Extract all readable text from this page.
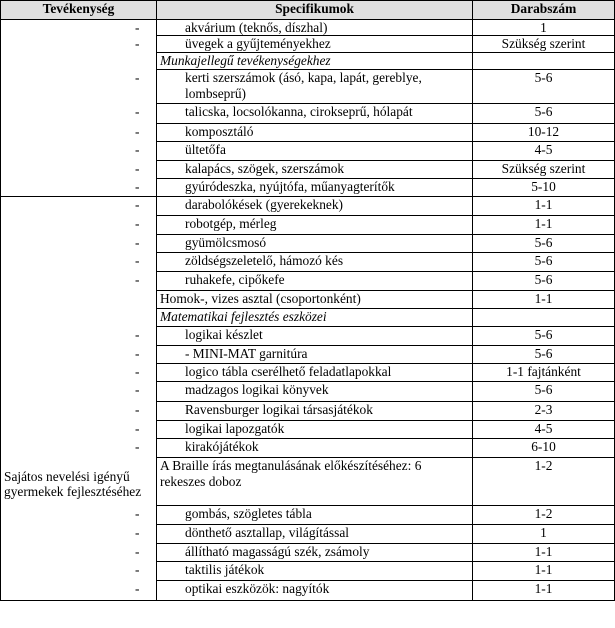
Tevékenység	Specifikumok	Darabszám

	- akvárium (teknős, díszhal)	1

	- üvegek a gyűjteményekhez	Szükség szerint
	Munkajellegű tevékenységekhez	

	- kerti szerszámok (ásó, kapa, lapát, gereblye, lombseprű)	5-6

	- talicska, locsolókanna, cirokseprű, hólapát	5-6

	- komposztáló	10-12

	- ültetőfa	4-5

	- kalapács, szögek, szerszámok	Szükség szerint

	- gyúródeszka, nyújtófa, műanyagterítők	5-10

Sajátos nevelési igényű gyermekek fejlesztéséhez	- darabolókések (gyerekeknek)	1-1

	- robotgép, mérleg	1-1

	- gyümölcsmosó	5-6

	- zöldségszeletelő, hámozó kés	5-6

	- ruhakefe, cipőkefe	5-6
	Homok-, vizes asztal (csoportonként)	1-1
	Matematikai fejlesztés eszközei	

	- logikai készlet	5-6

	- - MINI-MAT garnitúra	5-6

	- logico tábla cserélhető feladatlapokkal	1-1 fajtánként

	- madzagos logikai könyvek	5-6

	- Ravensburger logikai társasjátékok	2-3

	- logikai lapozgatók	4-5

	- kirakójátékok	6-10
	A Braille írás megtanulásának előkészítéséhez: 6 rekeszes doboz	1-2

	- gombás, szögletes tábla	1-2

	- dönthető asztallap, világítással	1

	- állítható magasságú szék, zsámoly	1-1

	- taktilis játékok	1-1

	- optikai eszközök: nagyítók	1-1
